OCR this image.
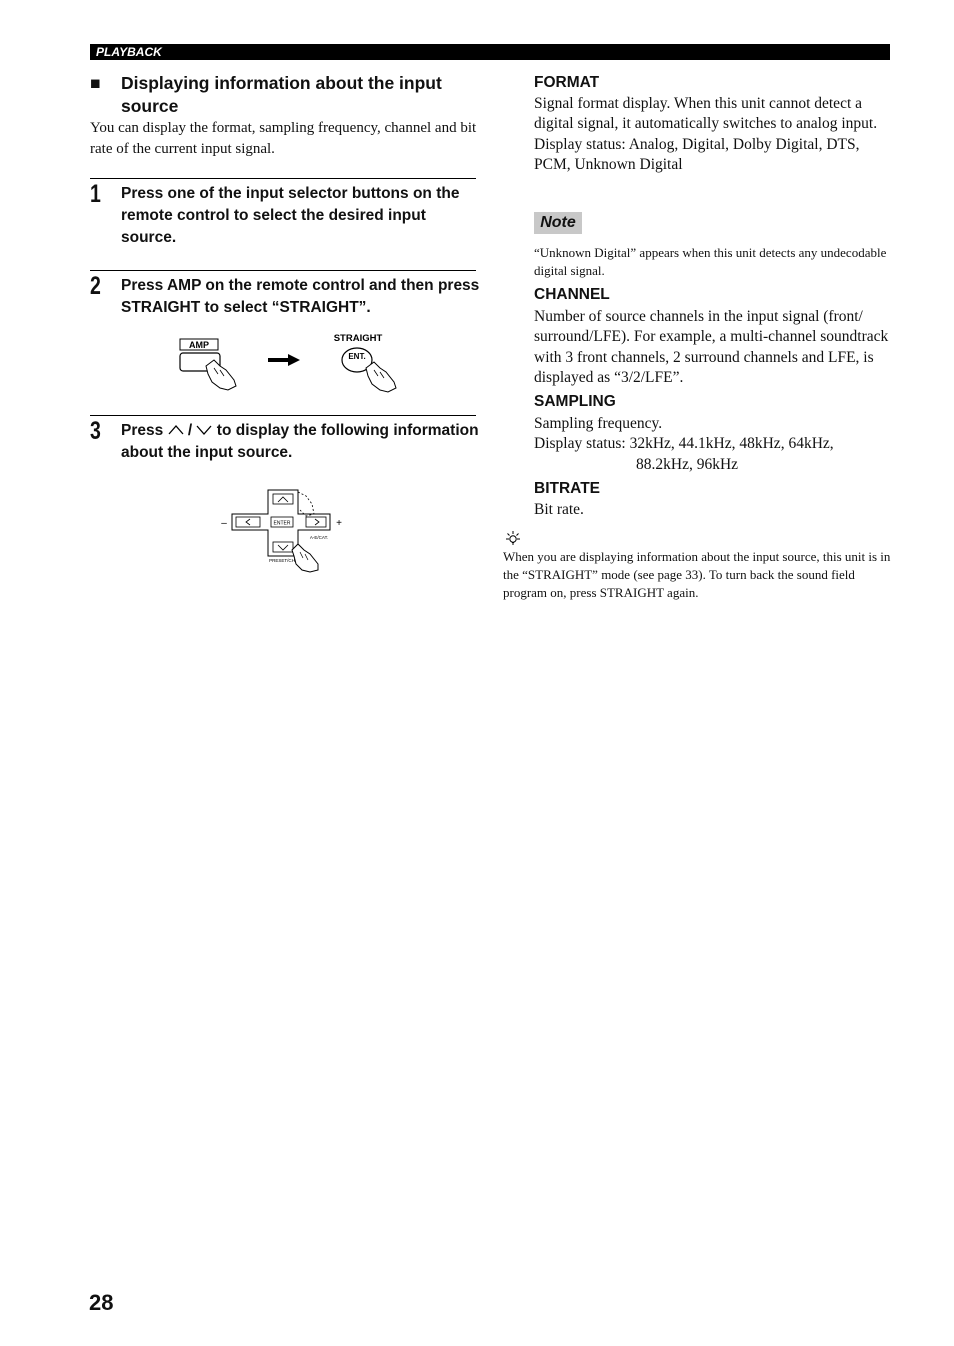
PLAYBACK
■ Displaying information about the input source
You can display the format, sampling frequency, channel and bit rate of the current input signal.
1 Press one of the input selector buttons on the remote control to select the desired input source.
2 Press AMP on the remote control and then press STRAIGHT to select “STRAIGHT”.
AMP
STRAIGHT
ENT.
3 Press / to display the following information about the input source.
ENTER
–	+
A-E/CAT.
PRESET/CH
FORMAT
Signal format display. When this unit cannot detect a digital signal, it automatically switches to analog input.
Display status: Analog, Digital, Dolby Digital, DTS, PCM, Unknown Digital
Note
“Unknown Digital” appears when this unit detects any undecodable digital signal.
CHANNEL
Number of source channels in the input signal (front/ surround/LFE). For example, a multi-channel soundtrack with 3 front channels, 2 surround channels and LFE, is displayed as “3/2/LFE”.
SAMPLING
Sampling frequency.
Display status: 32kHz, 44.1kHz, 48kHz, 64kHz,
88.2kHz, 96kHz
BITRATE
Bit rate.
When you are displaying information about the input source, this unit is in the “STRAIGHT” mode (see page 33). To turn back the sound field program on, press STRAIGHT again.
28
